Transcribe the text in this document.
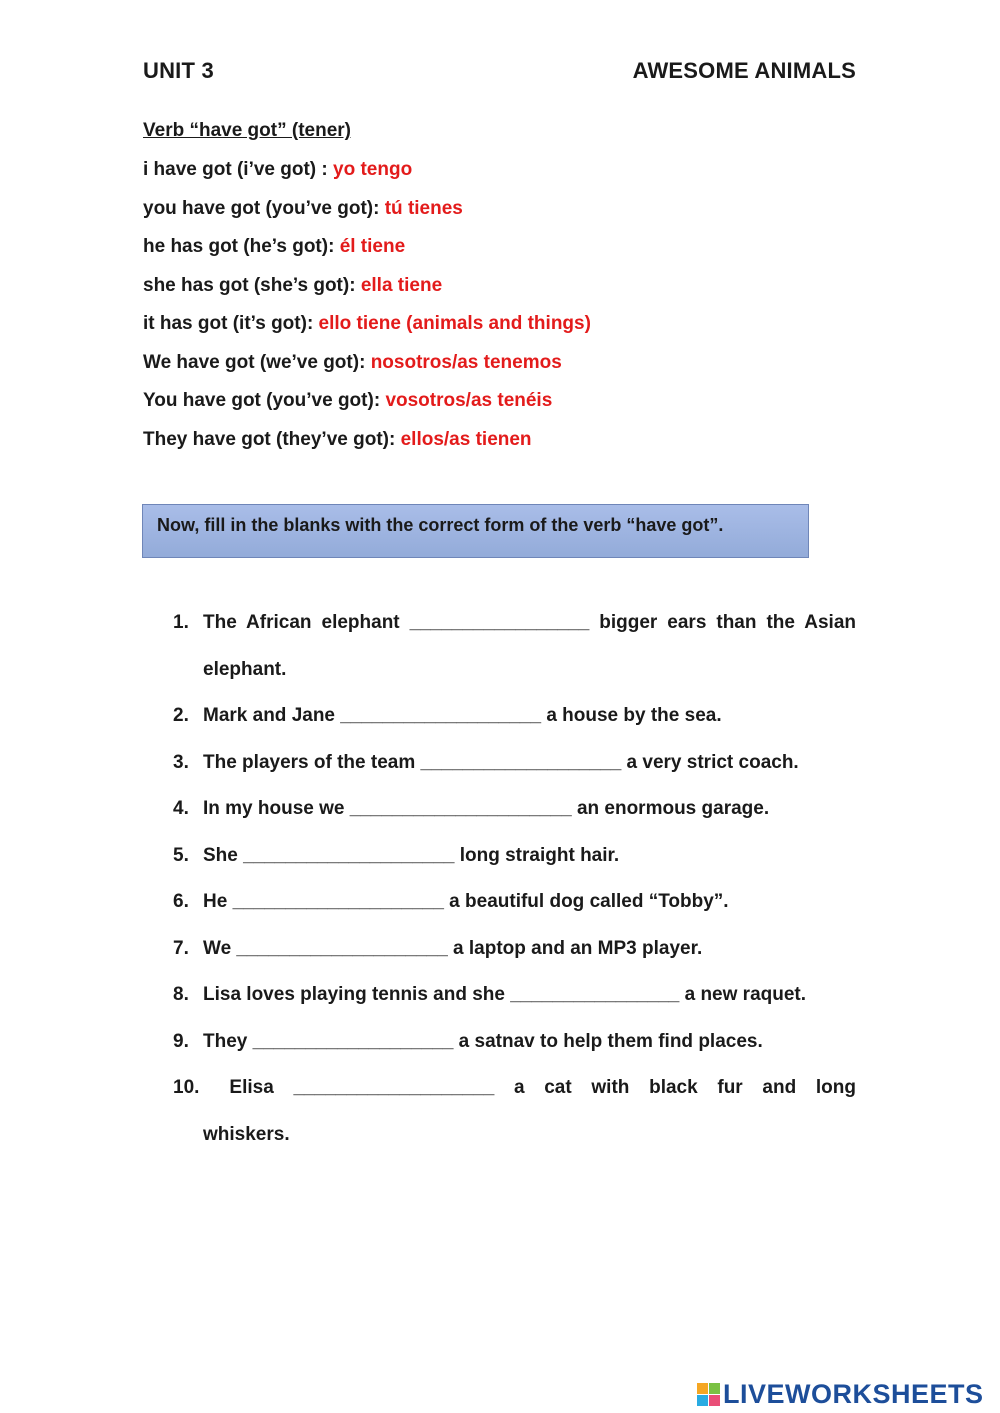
UNIT 3	AWESOME ANIMALS
Verb “have got” (tener)
i have got (i’ve got) : yo tengo
you have got (you’ve got): tú tienes
he has got (he’s got): él tiene
she has got (she’s got): ella tiene
it has got (it’s got): ello tiene (animals and things)
We have got (we’ve got): nosotros/as tenemos
You have got (you’ve got): vosotros/as tenéis
They have got (they’ve got): ellos/as tienen
Now, fill in the blanks with the correct form of the verb “have got”.
1. The African elephant _________________ bigger ears than the Asian elephant.
2. Mark and Jane ___________________ a house by the sea.
3. The players of the team ___________________ a very strict coach.
4. In my house we _____________________ an enormous garage.
5. She ____________________ long straight hair.
6. He ____________________ a beautiful dog called “Tobby”.
7. We ____________________ a laptop and an MP3 player.
8. Lisa loves playing tennis and she ________________ a new raquet.
9. They ___________________ a satnav to help them find places.
10. Elisa ___________________ a cat with black fur and long
whiskers.
LIVEWORKSHEETS
